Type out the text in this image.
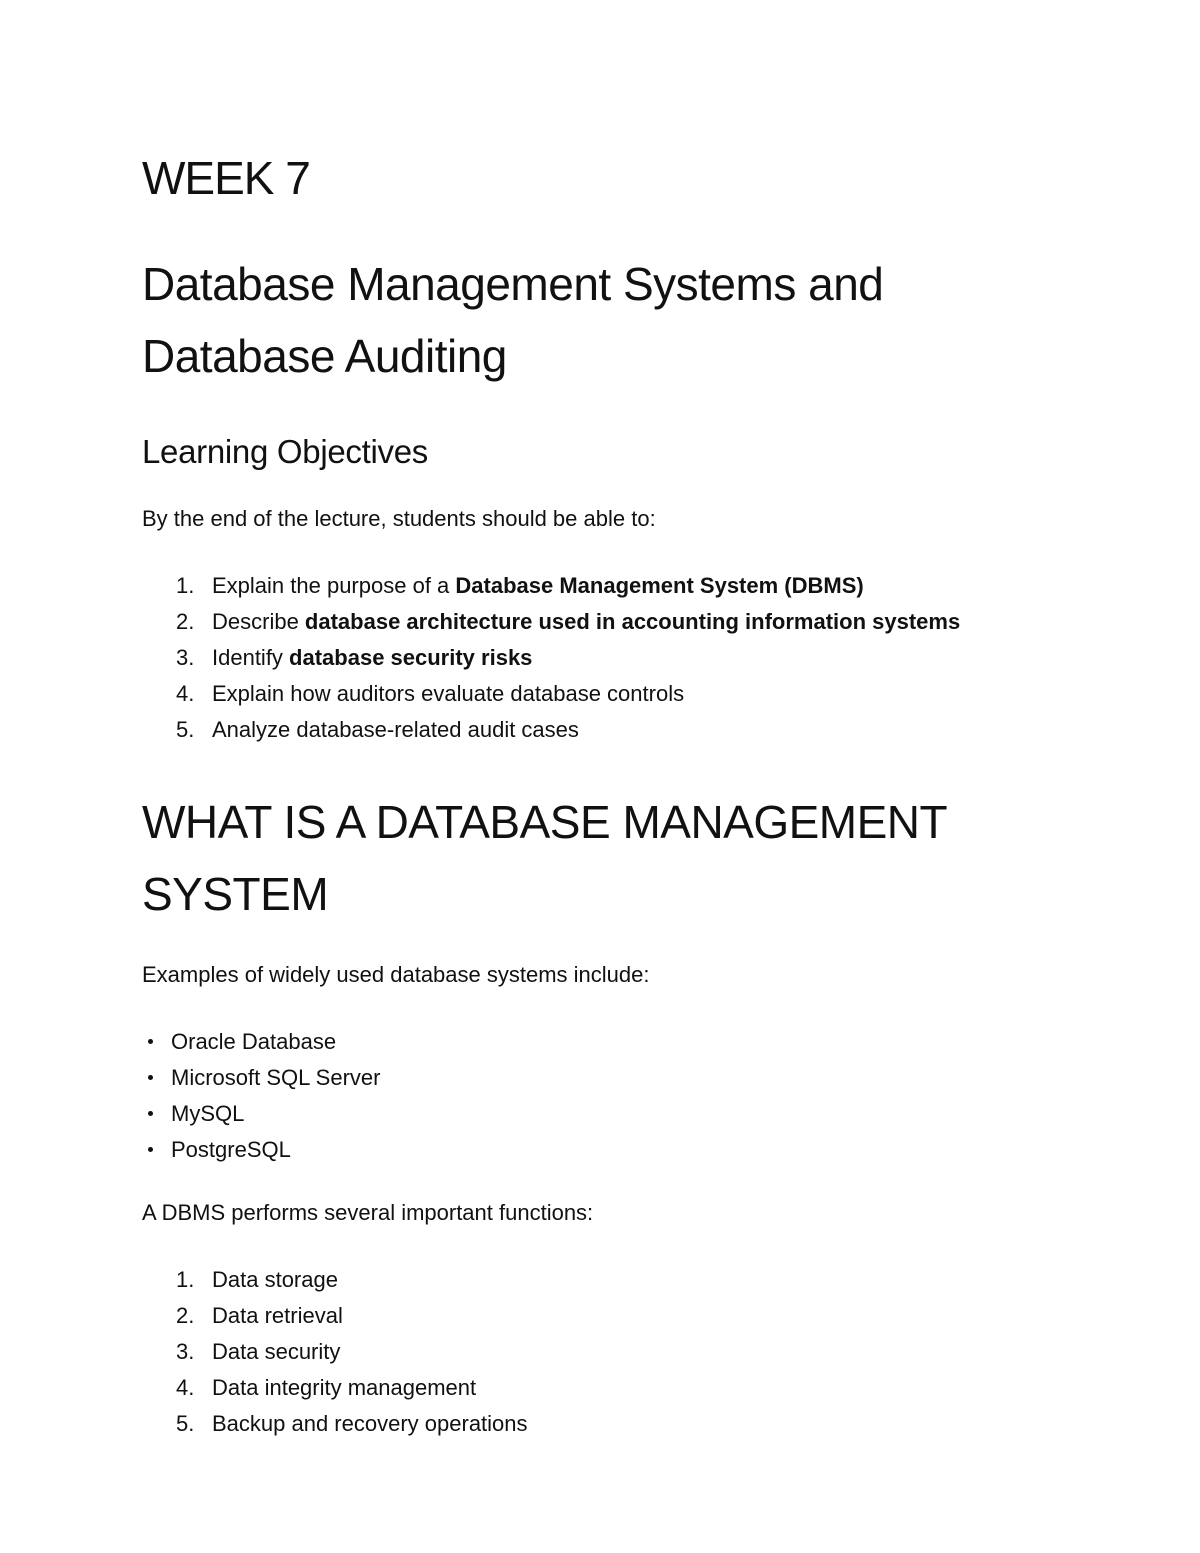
WEEK 7
Database Management Systems and Database Auditing
Learning Objectives

By the end of the lecture, students should be able to:

1. Explain the purpose of a Database Management System (DBMS)
2. Describe database architecture used in accounting information systems
3. Identify database security risks
4. Explain how auditors evaluate database controls
5. Analyze database-related audit cases
WHAT IS A DATABASE MANAGEMENT SYSTEM

Examples of widely used database systems include:

Oracle Database
Microsoft SQL Server
MySQL
PostgreSQL

A DBMS performs several important functions:

1. Data storage
2. Data retrieval
3. Data security
4. Data integrity management
5. Backup and recovery operations
